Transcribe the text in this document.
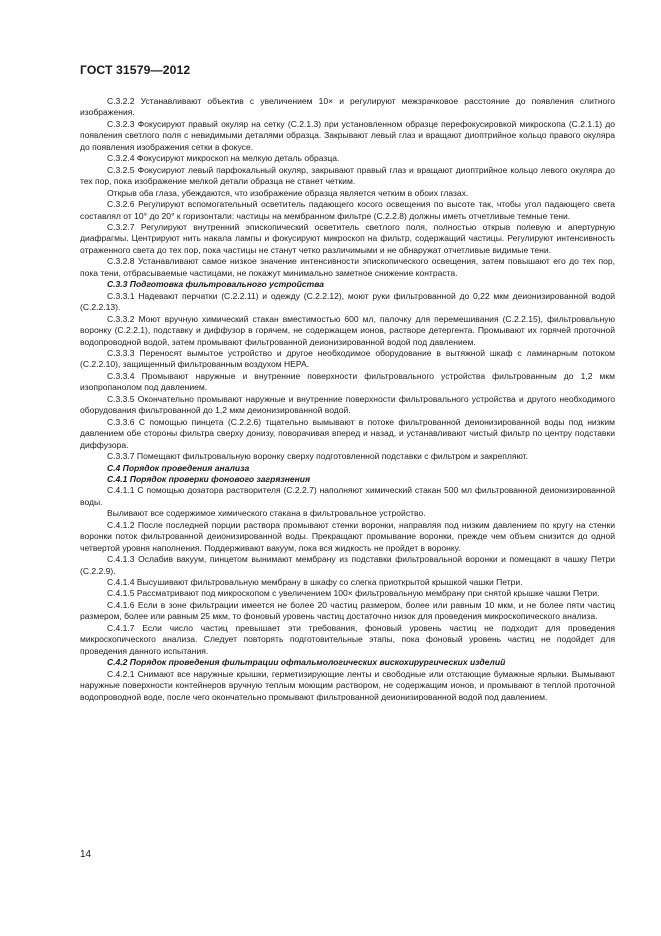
ГОСТ 31579—2012

С.3.2.2 Устанавливают объектив с увеличением 10× и регулируют межзрачковое расстояние до появления слитного изображения.

С.3.2.3 Фокусируют правый окуляр на сетку (С.2.1.3) при установленном образце перефокусировкой микроскопа (С.2.1.1) до появления светлого поля с невидимыми деталями образца. Закрывают левый глаз и вращают диоптрийное кольцо правого окуляра до появления изображения сетки в фокусе.

С.3.2.4 Фокусируют микроскоп на мелкую деталь образца.

С.3.2.5 Фокусируют левый парфокальный окуляр, закрывают правый глаз и вращают диоптрийное кольцо левого окуляра до тех пор, пока изображение мелкой детали образца не станет четким.

Открыв оба глаза, убеждаются, что изображение образца является четким в обоих глазах.

С.3.2.6 Регулируют вспомогательный осветитель падающего косого освещения по высоте так, чтобы угол падающего света составлял от 10° до 20° к горизонтали: частицы на мембранном фильтре (С.2.2.8) должны иметь отчетливые темные тени.

С.3.2.7 Регулируют внутренний эпископический осветитель светлого поля, полностью открыв полевую и апертурную диафрагмы. Центрируют нить накала лампы и фокусируют микроскоп на фильтр, содержащий частицы. Регулируют интенсивность отраженного света до тех пор, пока частицы не станут четко различимыми и не обнаружат отчетливые видимые тени.

С.3.2.8 Устанавливают самое низкое значение интенсивности эпископического освещения, затем повышают его до тех пор, пока тени, отбрасываемые частицами, не покажут минимально заметное снижение контраста.

С.3.3 Подготовка фильтровального устройства

С.3.3.1 Надевают перчатки (С.2.2.11) и одежду (С.2.2.12), моют руки фильтрованной до 0,22 мкм деионизированной водой (С.2.2.13).

С.3.3.2 Моют вручную химический стакан вместимостью 600 мл, палочку для перемешивания (С.2.2.15), фильтровальную воронку (С.2.2.1), подставку и диффузор в горячем, не содержащем ионов, растворе детергента. Промывают их горячей проточной водопроводной водой, затем промывают фильтрованной деионизированной водой под давлением.

С.3.3.3 Переносят вымытое устройство и другое необходимое оборудование в вытяжной шкаф с ламинарным потоком (С.2.2.10), защищенный фильтрованным воздухом НЕРА.

С.3.3.4 Промывают наружные и внутренние поверхности фильтровального устройства фильтрованным до 1,2 мкм изопропанолом под давлением.

С.3.3.5 Окончательно промывают наружные и внутренние поверхности фильтровального устройства и другого необходимого оборудования фильтрованной до 1,2 мкм деионизированной водой.

С.3.3.6 С помощью пинцета (С.2.2.6) тщательно вымывают в потоке фильтрованной деионизированной воды под низким давлением обе стороны фильтра сверху донизу, поворачивая вперед и назад, и устанавливают чистый фильтр по центру подставки диффузора.

С.3.3.7 Помещают фильтровальную воронку сверху подготовленной подставки с фильтром и закрепляют.

С.4 Порядок проведения анализа

С.4.1 Порядок проверки фонового загрязнения

С.4.1.1 С помощью дозатора растворителя (С.2.2.7) наполняют химический стакан 500 мл фильтрованной деионизированной воды.

Выливают все содержимое химического стакана в фильтровальное устройство.

С.4.1.2 После последней порции раствора промывают стенки воронки, направляя под низким давлением по кругу на стенки воронки поток фильтрованной деионизированной воды. Прекращают промывание воронки, прежде чем объем снизится до одной четвертой уровня наполнения. Поддерживают вакуум, пока вся жидкость не пройдет в воронку.

С.4.1.3 Ослабив вакуум, пинцетом вынимают мембрану из подставки фильтровальной воронки и помещают в чашку Петри (С.2.2.9).

С.4.1.4 Высушивают фильтровальную мембрану в шкафу со слегка приоткрытой крышкой чашки Петри.

С.4.1.5 Рассматривают под микроскопом с увеличением 100× фильтровальную мембрану при снятой крышке чашки Петри.

С.4.1.6 Если в зоне фильтрации имеется не более 20 частиц размером, более или равным 10 мкм, и не более пяти частиц размером, более или равным 25 мкм, то фоновый уровень частиц достаточно низок для проведения микроскопического анализа.

С.4.1.7 Если число частиц превышает эти требования, фоновый уровень частиц не подходит для проведения микроскопического анализа. Следует повторять подготовительные этапы, пока фоновый уровень частиц не подойдет для проведения данного испытания.

С.4.2 Порядок проведения фильтрации офтальмологических вискохирургических изделий

С.4.2.1 Снимают все наружные крышки, герметизирующие ленты и свободные или отстающие бумажные ярлыки. Вымывают наружные поверхности контейнеров вручную теплым моющим раствором, не содержащим ионов, и промывают в теплой проточной водопроводной воде, после чего окончательно промывают фильтрованной деионизированной водой под давлением.

14
